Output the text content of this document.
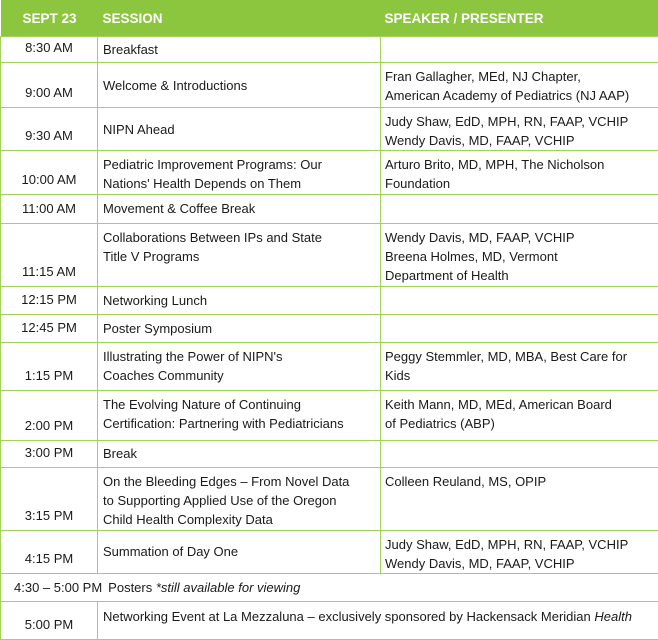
SEPT 23	SESSION	SPEAKER / PRESENTER
8:30 AM	Breakfast	
9:00 AM	Welcome & Introductions	Fran Gallagher, MEd, NJ Chapter,
American Academy of Pediatrics (NJ AAP)

9:30 AM	NIPN Ahead	Judy Shaw, EdD, MPH, RN, FAAP, VCHIP
Wendy Davis, MD, FAAP, VCHIP

10:00 AM	Pediatric Improvement Programs: Our
Nations' Health Depends on Them	Arturo Brito, MD, MPH, The Nicholson
Foundation

11:00 AM	Movement & Coffee Break	
11:15 AM	Collaborations Between IPs and State
Title V Programs	Wendy Davis, MD, FAAP, VCHIP
Breena Holmes, MD, Vermont
Department of Health

12:15 PM	Networking Lunch	
12:45 PM	Poster Symposium	
1:15 PM	Illustrating the Power of NIPN's
Coaches Community	Peggy Stemmler, MD, MBA, Best Care for
Kids

2:00 PM	The Evolving Nature of Continuing
Certification: Partnering with Pediatricians	Keith Mann, MD, MEd, American Board
of Pediatrics (ABP)

3:00 PM	Break	
3:15 PM	On the Bleeding Edges – From Novel Data
to Supporting Applied Use of the Oregon
Child Health Complexity Data	Colleen Reuland, MS, OPIP

4:15 PM	Summation of Day One	Judy Shaw, EdD, MPH, RN, FAAP, VCHIP
Wendy Davis, MD, FAAP, VCHIP

4:30 – 5:00 PM Posters *still available for viewing		
5:00 PM	Networking Event at La Mezzaluna – exclusively sponsored by Hackensack Meridian Health	
